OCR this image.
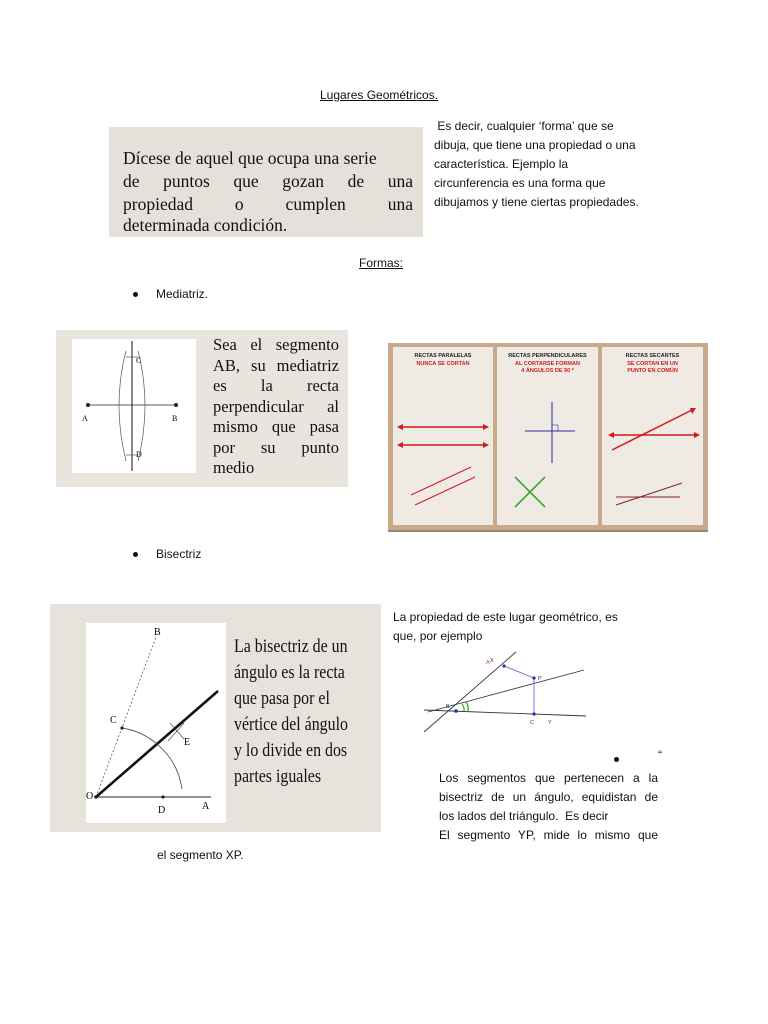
Lugares Geométricos.
Dícese de aquel que ocupa una serie
de puntos que gozan de una
propiedad o cumplen una
determinada condición.
Es decir, cualquier ‘forma’ que se
dibuja, que tiene una propiedad o una
característica. Ejemplo la
circunferencia es una forma que
dibujamos y tiene ciertas propiedades.
Formas:
Mediatriz.
A	B
C
D
Sea el segmento
AB, su mediatriz
es la recta
perpendicular al
mismo que pasa
por su punto
medio
RECTAS PARALELAS
NUNCA SE CORTAN
RECTAS PERPENDICULARES
AL CORTARSE FORMAN
4 ÁNGULOS DE 90 º
RECTAS SECANTES
SE CORTAN EN UN
PUNTO EN COMÚN
Bisectriz
B
C
E
O
D	A
La bisectriz de un
ángulo es la recta
que pasa por el
vértice del ángulo
y lo divide en dos
partes iguales
La propiedad de este lugar geométrico, es
que, por ejemplo
X
A
P
B
C	Y
“
Los segmentos que pertenecen a la
bisectriz de un ángulo, equidistan de
los lados del triángulo.  Es decir
El segmento YP, mide lo mismo que
el segmento XP.
